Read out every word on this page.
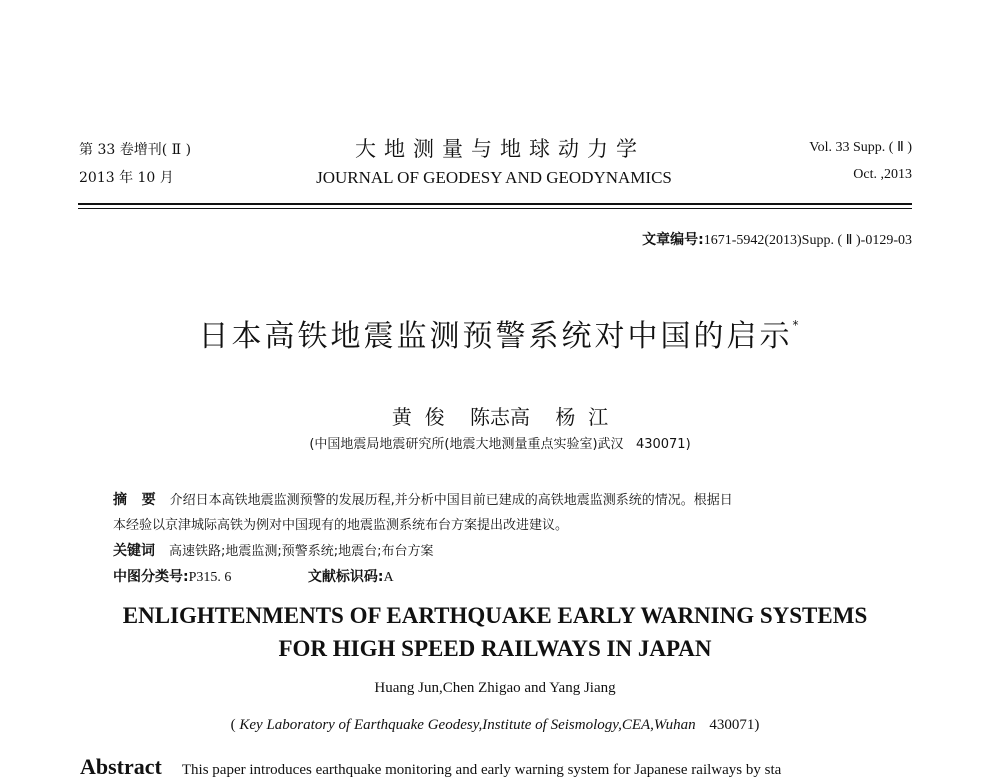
第 33 卷增刊( Ⅱ )
2013 年 10 月
大地测量与地球动力学
JOURNAL OF GEODESY AND GEODYNAMICS
Vol. 33 Supp. ( Ⅱ )
Oct. ,2013
文章编号:1671-5942(2013)Supp. ( Ⅱ )-0129-03
日本高铁地震监测预警系统对中国的启示*
黄  俊    陈志高    杨  江
(中国地震局地震研究所(地震大地测量重点实验室)武汉   430071)
摘   要 介绍日本高铁地震监测预警的发展历程,并分析中国目前已建成的高铁地震监测系统的情况。根据日
本经验以京津城际高铁为例对中国现有的地震监测系统布台方案提出改进建议。
关键词 高速铁路;地震监测;预警系统;地震台;布台方案
中图分类号:P315. 6	文献标识码:A
ENLIGHTENMENTS OF EARTHQUAKE EARLY WARNING SYSTEMS
FOR HIGH SPEED RAILWAYS IN JAPAN
Huang Jun,Chen Zhigao and Yang Jiang
( Key Laboratory of Earthquake Geodesy,Institute of Seismology,CEA,Wuhan 430071)
Abstract This paper introduces earthquake monitoring and early warning system for Japanese railways by sta
